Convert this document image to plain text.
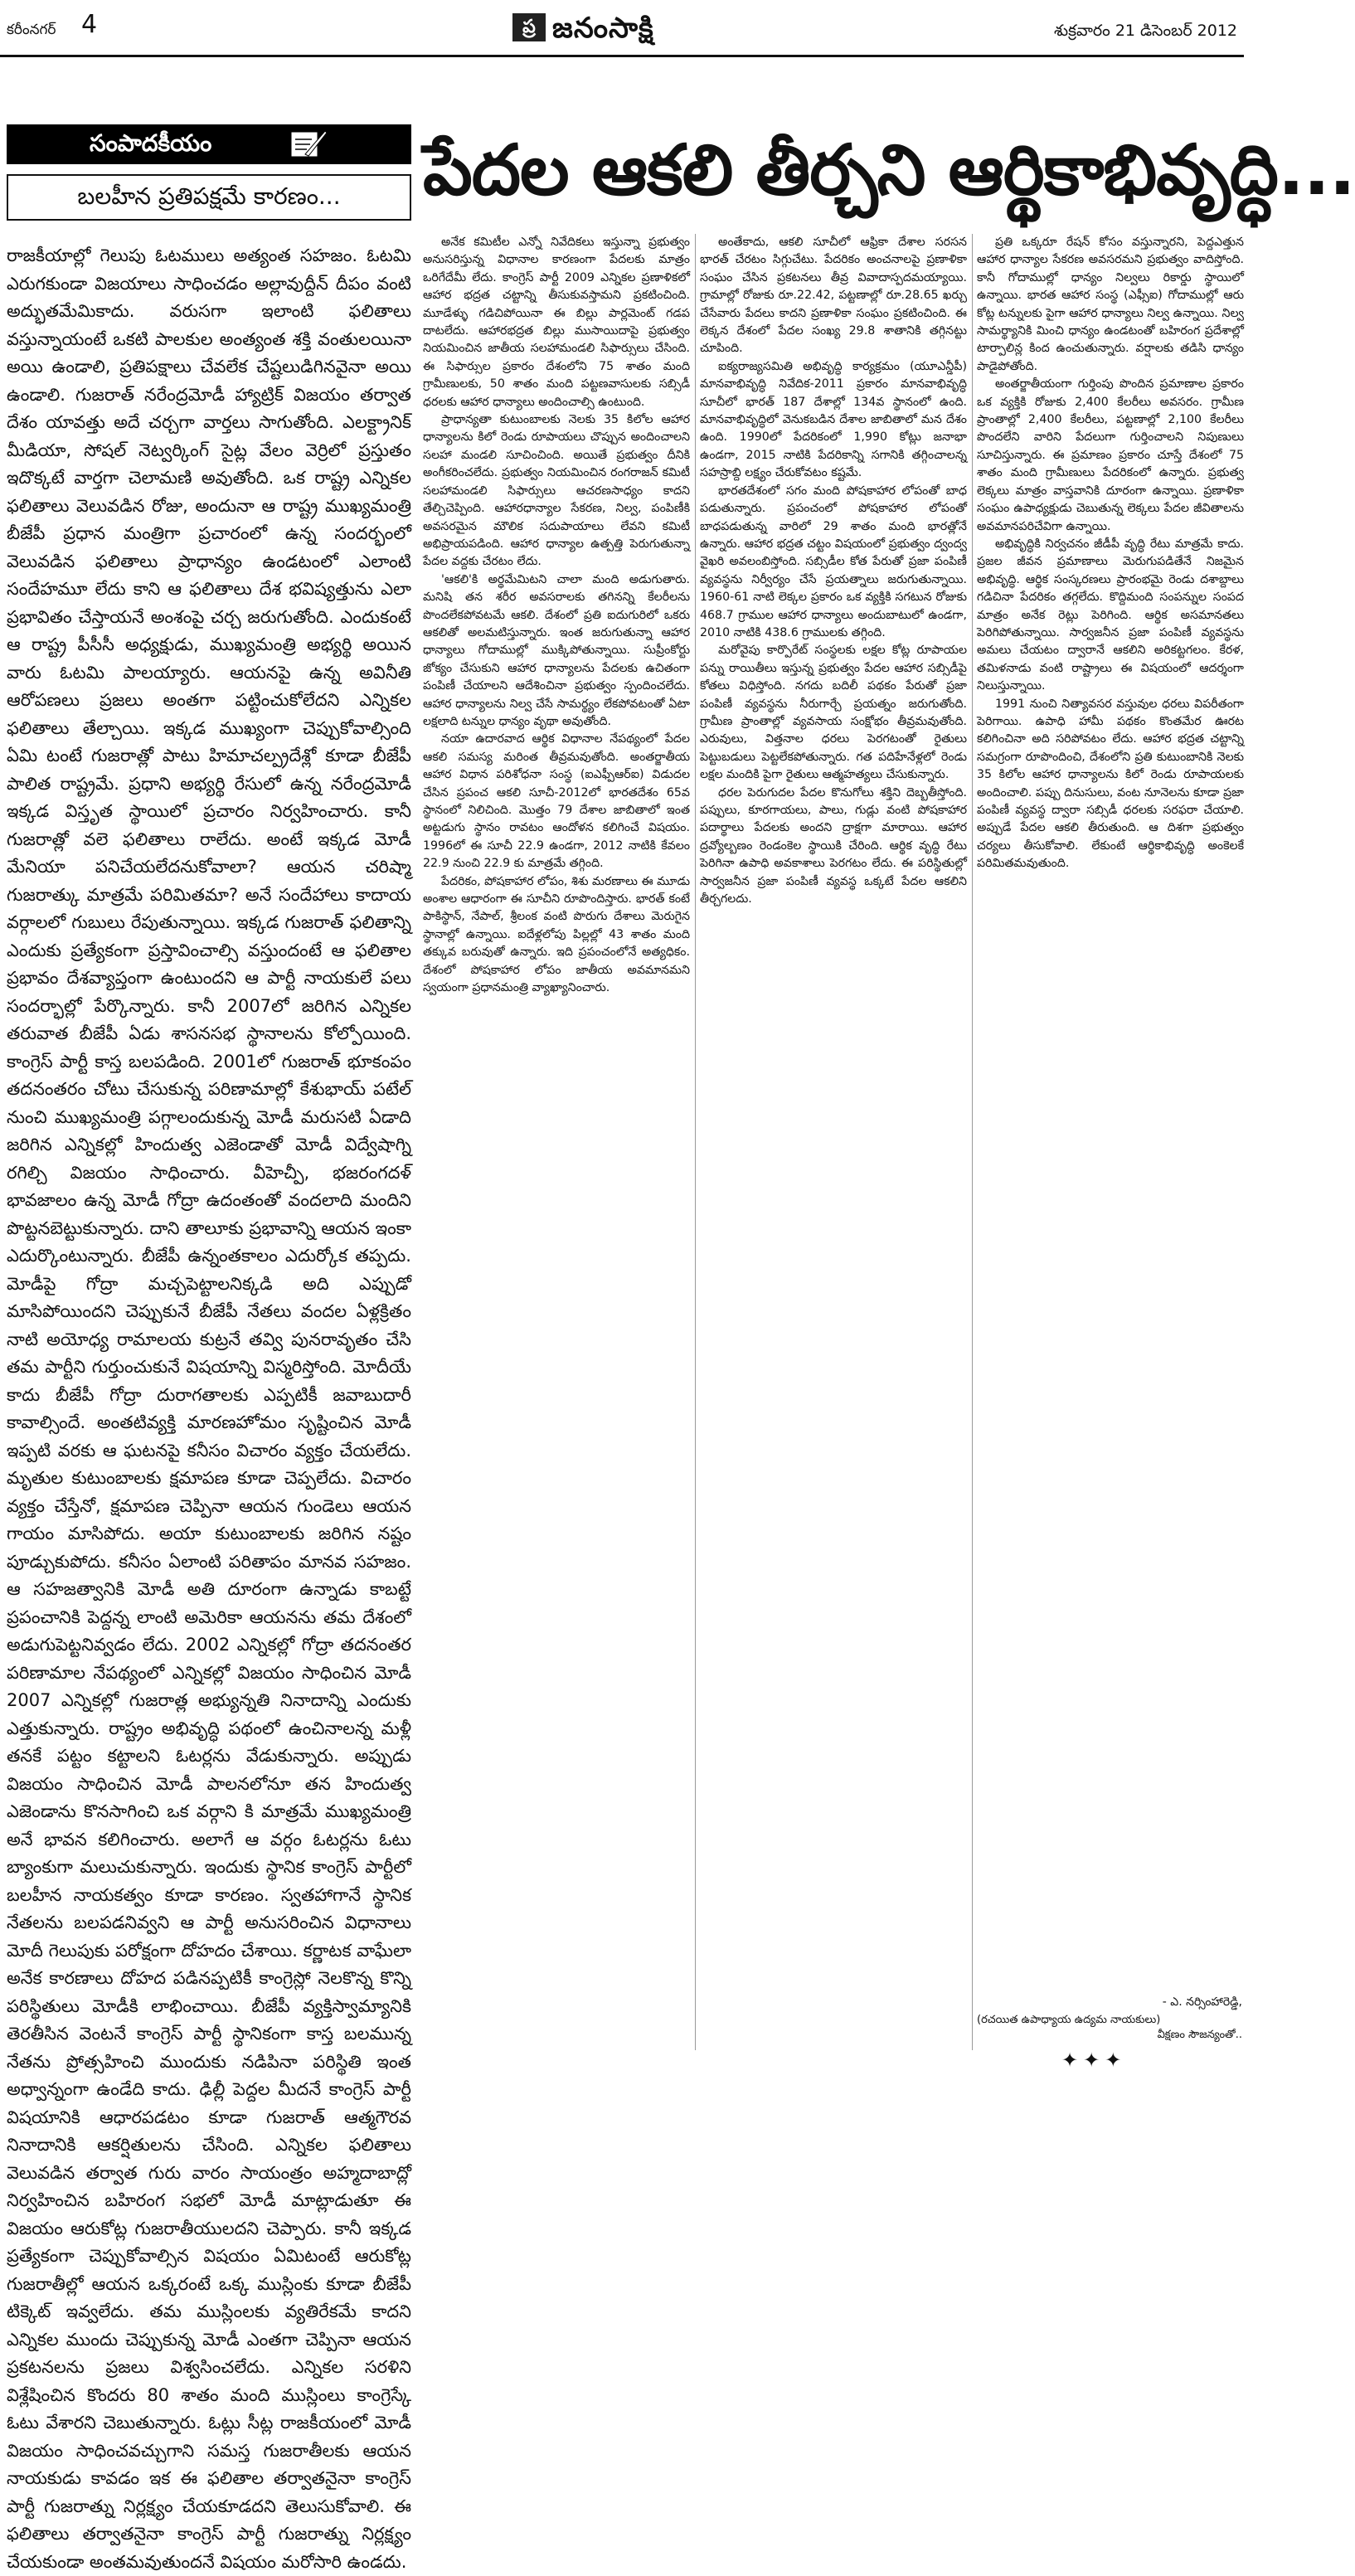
కరీంనగర్ 4	ప్ర జనంసాక్షి	శుక్రవారం 21 డిసెంబర్ 2012
సంపాదకీయం
బలహీన ప్రతిపక్షమే కారణం...
రాజకీయాల్లో గెలుపు ఓటములు అత్యంత సహజం. ఓటమి ఎరుగకుండా విజయాలు సాధించడం అల్లావుద్దీన్ దీపం వంటి అద్భుతమేమికాదు. వరుసగా ఇలాంటి ఫలితాలు వస్తున్నాయంటే ఒకటి పాలకుల అంత్యంత శక్తి వంతులయినా అయి ఉండాలి, ప్రతిపక్షాలు చేవలేక చేష్టలుడిగినవైనా అయి ఉండాలి. గుజరాత్ నరేంద్రమోడీ హ్యాట్రిక్ విజయం తర్వాత దేశం యావత్తు అదే చర్చగా వార్తలు సాగుతోంది. ఎలక్ట్రానిక్ మీడియా, సోషల్ నెట్వర్కింగ్ సైట్ల వేలం వెర్రిలో ప్రస్తుతం ఇదొక్కటే వార్తగా చెలామణి అవుతోంది. ఒక రాష్ట్ర ఎన్నికల ఫలితాలు వెలువడిన రోజు, అందునా ఆ రాష్ట్ర ముఖ్యమంత్రి బీజేపీ ప్రధాన మంత్రిగా ప్రచారంలో ఉన్న సందర్భంలో వెలువడిన ఫలితాలు ప్రాధాన్యం ఉండటంలో ఎలాంటి సందేహమూ లేదు కాని ఆ ఫలితాలు దేశ భవిష్యత్తును ఎలా ప్రభావితం చేస్తాయనే అంశంపై చర్చ జరుగుతోంది. ఎందుకంటే ఆ రాష్ట్ర పీసీసీ అధ్యక్షుడు, ముఖ్యమంత్రి అభ్యర్థి అయిన వారు ఓటమి పాలయ్యారు. ఆయనపై ఉన్న అవినీతి ఆరోపణలు ప్రజలు అంతగా పట్టించుకోలేదని ఎన్నికల ఫలితాలు తేల్చాయి. ఇక్కడ ముఖ్యంగా చెప్పుకోవాల్సింది ఏమి టంటే గుజరాత్లో పాటు హిమాచల్ప్రదేశ్లో కూడా బీజేపీ పాలిత రాష్ట్రమే. ప్రధాని అభ్యర్థి రేసులో ఉన్న నరేంద్రమోడీ ఇక్కడ విస్తృత స్థాయిలో ప్రచారం నిర్వహించారు. కానీ గుజరాత్లో వలె ఫలితాలు రాలేదు. అంటే ఇక్కడ మోడీ మేనియా పనిచేయలేదనుకోవాలా? ఆయన చరిష్మా గుజరాత్కు మాత్రమే పరిమితమా? అనే సందేహాలు కాదాయ వర్గాలలో గుబులు రేపుతున్నాయి. ఇక్కడ గుజరాత్ ఫలితాన్ని ఎందుకు ప్రత్యేకంగా ప్రస్తావించాల్సి వస్తుందంటే ఆ ఫలితాల ప్రభావం దేశవ్యాప్తంగా ఉంటుందని ఆ పార్టీ నాయకులే పలు సందర్భాల్లో పేర్కొన్నారు. కానీ 2007లో జరిగిన ఎన్నికల తరువాత బీజేపీ ఏడు శాసనసభ స్థానాలను కోల్పోయింది. కాంగ్రెస్ పార్టీ కాస్త బలపడింది. 2001లో గుజరాత్ భూకంపం తదనంతరం చోటు చేసుకున్న పరిణామాల్లో కేశుభాయ్ పటేల్ నుంచి ముఖ్యమంత్రి పగ్గాలందుకున్న మోడీ మరుసటి ఏడాది జరిగిన ఎన్నికల్లో హిందుత్వ ఎజెండాతో మోడీ విద్వేషాగ్ని రగిల్చి విజయం సాధించారు. వీహెచ్పీ, భజరంగదళ్ భావజాలం ఉన్న మోడీ గోద్రా ఉదంతంతో వందలాది మందిని పొట్టనబెట్టుకున్నారు. దాని తాలూకు ప్రభావాన్ని ఆయన ఇంకా ఎదుర్కొంటున్నారు. బీజేపీ ఉన్నంతకాలం ఎదుర్కోక తప్పదు. మోడీపై గోద్రా మచ్చపెట్టాలనిక్కడి అది ఎప్పుడో మాసిపోయిందని చెప్పుకునే బీజేపీ నేతలు వందల ఏళ్లక్రితం నాటి అయోధ్య రామాలయ కుట్రనే తవ్వి పునరావృతం చేసి తమ పార్టీని గుర్తుంచుకునే విషయాన్ని విస్మరిస్తోంది. మోదీయే కాదు బీజేపీ గోద్రా దురాగతాలకు ఎప్పటికీ జవాబుదారీ కావాల్సిందే. అంతటివ్యక్తి మారణహోమం సృష్టించిన మోడీ ఇప్పటి వరకు ఆ ఘటనపై కనీసం విచారం వ్యక్తం చేయలేదు. మృతుల కుటుంబాలకు క్షమాపణ కూడా చెప్పలేదు. విచారం వ్యక్తం చేస్తేనో, క్షమాపణ చెప్పినా ఆయన గుండెలు ఆయన గాయం మాసిపోదు. అయా కుటుంబాలకు జరిగిన నష్టం పూడ్చుకుపోదు. కనీసం ఏలాంటి పరితాపం మానవ సహజం. ఆ సహజత్వానికి మోడీ అతి దూరంగా ఉన్నాడు కాబట్టే ప్రపంచానికి పెద్దన్న లాంటి అమెరికా ఆయనను తమ దేశంలో అడుగుపెట్టనివ్వడం లేదు. 2002 ఎన్నికల్లో గోద్రా తదనంతర పరిణామాల నేపథ్యంలో ఎన్నికల్లో విజయం సాధించిన మోడీ 2007 ఎన్నికల్లో గుజరాత్ల అభ్యున్నతి నినాదాన్ని ఎందుకు ఎత్తుకున్నారు. రాష్ట్రం అభివృద్ధి పథంలో ఉంచినాలన్న మళ్లీ తనకే పట్టం కట్టాలని ఓటర్లను వేడుకున్నారు. అప్పుడు విజయం సాధించిన మోడీ పాలనలోనూ తన హిందుత్వ ఎజెండాను కొనసాగించి ఒక వర్గాని కి మాత్రమే ముఖ్యమంత్రి అనే భావన కలిగించారు. అలాగే ఆ వర్గం ఓటర్లను ఓటు బ్యాంకుగా మలుచుకున్నారు. ఇందుకు స్థానిక కాంగ్రెస్ పార్టీలో బలహీన నాయకత్వం కూడా కారణం. స్వతహాగానే స్థానిక నేతలను బలపడనివ్వని ఆ పార్టీ అనుసరించిన విధానాలు మోదీ గెలుపుకు పరోక్షంగా దోహదం చేశాయి. కర్ణాటక వాఘేలా అనేక కారణాలు దోహద పడినప్పటికీ కాంగ్రెస్లో నెలకొన్న కొన్ని పరిస్థితులు మోడీకి లాభించాయి. బీజేపీ వ్యక్తిస్వామ్యానికి తెరతీసిన వెంటనే కాంగ్రెస్ పార్టీ స్థానికంగా కాస్త బలమున్న నేతను ప్రోత్సహించి ముందుకు నడిపినా పరిస్థితి ఇంత అధ్వాన్నంగా ఉండేది కాదు. ఢిల్లీ పెద్దల మీదనే కాంగ్రెస్ పార్టీ విషయానికి ఆధారపడటం కూడా గుజరాత్ ఆత్మగౌరవ నినాదానికి ఆకర్షితులను చేసింది. ఎన్నికల ఫలితాలు వెలువడిన తర్వాత గురు వారం సాయంత్రం అహ్మదాబాద్లో నిర్వహించిన బహిరంగ సభలో మోడీ మాట్లాడుతూ ఈ విజయం ఆరుకోట్ల గుజరాతీయులదని చెప్పారు. కానీ ఇక్కడ ప్రత్యేకంగా చెప్పుకోవాల్సిన విషయం ఏమిటంటే ఆరుకోట్ల గుజరాతీల్లో ఆయన ఒక్కరంటే ఒక్క ముస్లింకు కూడా బీజేపీ టిక్కెట్ ఇవ్వలేదు. తమ ముస్లింలకు వ్యతిరేకమే కాదని ఎన్నికల ముందు చెప్పుకున్న మోడీ ఎంతగా చెప్పినా ఆయన ప్రకటనలను ప్రజలు విశ్వసించలేదు. ఎన్నికల సరళిని విశ్లేషించిన కొందరు 80 శాతం మంది ముస్లింలు కాంగ్రెస్కే ఓటు వేశారని చెబుతున్నారు. ఓట్లు సీట్ల రాజకీయంలో మోడీ విజయం సాధించవచ్చుగాని సమస్త గుజరాతీలకు ఆయన నాయకుడు కావడం ఇక ఈ ఫలితాల తర్వాతనైనా కాంగ్రెస్ పార్టీ గుజరాత్ను నిర్లక్ష్యం చేయకూడదని తెలుసుకోవాలి. ఈ ఫలితాలు తర్వాతనైనా కాంగ్రెస్ పార్టీ గుజరాత్ను నిర్లక్ష్యం చేయకుండా అంతమవుతుందనే విషయం మరోసారి ఉండదు.
పేదల ఆకలి తీర్చని ఆర్థికాభివృద్ధి...

అనేక కమిటీల ఎన్నో నివేదికలు ఇస్తున్నా ప్రభుత్వం అనుసరిస్తున్న విధానాల కారణంగా పేదలకు మాత్రం ఒరిగేదేమీ లేదు. కాంగ్రెస్ పార్టీ 2009 ఎన్నికల ప్రణాళికలో ఆహార భద్రత చట్టాన్ని తీసుకువస్తామని ప్రకటించింది. మూడేళ్ళు గడిచిపోయినా ఈ బిల్లు పార్లమెంట్ గడప దాటలేదు. ఆహారభద్రత బిల్లు ముసాయిదాపై ప్రభుత్వం నియమించిన జాతీయ సలహామండలి సిఫార్సులు చేసింది. ఈ సిఫార్సుల ప్రకారం దేశంలోని 75 శాతం మంది గ్రామీణులకు, 50 శాతం మంది పట్టణవాసులకు సబ్సిడీ ధరలకు ఆహార ధాన్యాలు అందించాల్సి ఉంటుంది.

ప్రాధాన్యతా కుటుంబాలకు నెలకు 35 కిలోల ఆహార ధాన్యాలను కిలో రెండు రూపాయలు చొప్పున అందించాలని సలహా మండలి సూచించింది. అయితే ప్రభుత్వం దీనికి అంగీకరించలేదు. ప్రభుత్వం నియమించిన రంగరాజన్ కమిటీ సలహామండలి సిఫార్సులు ఆచరణసాధ్యం కాదని తేల్చిచెప్పింది. ఆహారధాన్యాల సేకరణ, నిల్వ, పంపిణీకి అవసరమైన మౌలిక సదుపాయాలు లేవని కమిటీ అభిప్రాయపడింది. ఆహార ధాన్యాల ఉత్పత్తి పెరుగుతున్నా పేదల వద్దకు చేరటం లేదు.

'ఆకలి'కి అర్థమేమిటని చాలా మంది అడుగుతారు. మనిషి తన శరీర అవసరాలకు తగినన్ని కేలరీలను పొందలేకపోవటమే ఆకలి. దేశంలో ప్రతి ఐదుగురిలో ఒకరు ఆకలితో అలమటిస్తున్నారు. ఇంత జరుగుతున్నా ఆహార ధాన్యాలు గోదాముల్లో ముక్కిపోతున్నాయి. సుప్రీంకోర్టు జోక్యం చేసుకుని ఆహార ధాన్యాలను పేదలకు ఉచితంగా పంపిణీ చేయాలని ఆదేశించినా ప్రభుత్వం స్పందించలేదు. ఆహార ధాన్యాలను నిల్వ చేసే సామర్థ్యం లేకపోవటంతో ఏటా లక్షలాది టన్నుల ధాన్యం వృథా అవుతోంది.

నయా ఉదారవాద ఆర్థిక విధానాల నేపథ్యంలో పేదల ఆకలి సమస్య మరింత తీవ్రమవుతోంది. అంతర్జాతీయ ఆహార విధాన పరిశోధనా సంస్థ (ఐఎఫ్పీఆర్ఐ) విడుదల చేసిన ప్రపంచ ఆకలి సూచీ-2012లో భారతదేశం 65వ స్థానంలో నిలిచింది. మొత్తం 79 దేశాల జాబితాలో ఇంత అట్టడుగు స్థానం రావటం ఆందోళన కలిగించే విషయం. 1996లో ఈ సూచీ 22.9 ఉండగా, 2012 నాటికి కేవలం 22.9 నుంచి 22.9 కు మాత్రమే తగ్గింది.

పేదరికం, పోషకాహార లోపం, శిశు మరణాలు ఈ మూడు అంశాల ఆధారంగా ఈ సూచీని రూపొందిస్తారు. భారత్ కంటే పాకిస్థాన్, నేపాల్, శ్రీలంక వంటి పొరుగు దేశాలు మెరుగైన స్థానాల్లో ఉన్నాయి. ఐదేళ్లలోపు పిల్లల్లో 43 శాతం మంది తక్కువ బరువుతో ఉన్నారు. ఇది ప్రపంచంలోనే అత్యధికం. దేశంలో పోషకాహార లోపం జాతీయ అవమానమని స్వయంగా ప్రధానమంత్రి వ్యాఖ్యానించారు.

అంతేకాదు, ఆకలి సూచీలో ఆఫ్రికా దేశాల సరసన భారత్ చేరటం సిగ్గుచేటు. పేదరికం అంచనాలపై ప్రణాళికా సంఘం చేసిన ప్రకటనలు తీవ్ర వివాదాస్పదమయ్యాయి. గ్రామాల్లో రోజుకు రూ.22.42, పట్టణాల్లో రూ.28.65 ఖర్చు చేసేవారు పేదలు కాదని ప్రణాళికా సంఘం ప్రకటించింది. ఈ లెక్కన దేశంలో పేదల సంఖ్య 29.8 శాతానికి తగ్గినట్టు చూపింది.

ఐక్యరాజ్యసమితి అభివృద్ధి కార్యక్రమం (యూఎన్డీపీ) మానవాభివృద్ధి నివేదిక-2011 ప్రకారం మానవాభివృద్ధి సూచీలో భారత్ 187 దేశాల్లో 134వ స్థానంలో ఉంది. మానవాభివృద్ధిలో వెనుకబడిన దేశాల జాబితాలో మన దేశం ఉంది. 1990లో పేదరికంలో 1,990 కోట్లు జనాభా ఉండగా, 2015 నాటికి పేదరికాన్ని సగానికి తగ్గించాలన్న సహస్రాబ్ది లక్ష్యం చేరుకోవటం కష్టమే.

భారతదేశంలో సగం మంది పోషకాహార లోపంతో బాధ పడుతున్నారు. ప్రపంచంలో పోషకాహార లోపంతో బాధపడుతున్న వారిలో 29 శాతం మంది భారత్లోనే ఉన్నారు. ఆహార భద్రత చట్టం విషయంలో ప్రభుత్వం ద్వంద్వ వైఖరి అవలంబిస్తోంది. సబ్సిడీల కోత పేరుతో ప్రజా పంపిణీ వ్యవస్థను నిర్వీర్యం చేసే ప్రయత్నాలు జరుగుతున్నాయి. 1960-61 నాటి లెక్కల ప్రకారం ఒక వ్యక్తికి సగటున రోజుకు 468.7 గ్రాముల ఆహార ధాన్యాలు అందుబాటులో ఉండగా, 2010 నాటికి 438.6 గ్రాములకు తగ్గింది.

మరోవైపు కార్పొరేట్ సంస్థలకు లక్షల కోట్ల రూపాయల పన్ను రాయితీలు ఇస్తున్న ప్రభుత్వం పేదల ఆహార సబ్సిడీపై కోతలు విధిస్తోంది. నగదు బదిలీ పథకం పేరుతో ప్రజా పంపిణీ వ్యవస్థను నీరుగార్చే ప్రయత్నం జరుగుతోంది. గ్రామీణ ప్రాంతాల్లో వ్యవసాయ సంక్షోభం తీవ్రమవుతోంది. ఎరువులు, విత్తనాల ధరలు పెరగటంతో రైతులు పెట్టుబడులు పెట్టలేకపోతున్నారు. గత పదిహేనేళ్లలో రెండు లక్షల మందికి పైగా రైతులు ఆత్మహత్యలు చేసుకున్నారు.

ధరల పెరుగుదల పేదల కొనుగోలు శక్తిని దెబ్బతీస్తోంది. పప్పులు, కూరగాయలు, పాలు, గుడ్లు వంటి పోషకాహార పదార్థాలు పేదలకు అందని ద్రాక్షగా మారాయి. ఆహార ద్రవ్యోల్బణం రెండంకెల స్థాయికి చేరింది. ఆర్థిక వృద్ధి రేటు పెరిగినా ఉపాధి అవకాశాలు పెరగటం లేదు. ఈ పరిస్థితుల్లో సార్వజనీన ప్రజా పంపిణీ వ్యవస్థ ఒక్కటే పేదల ఆకలిని తీర్చగలదు.

ప్రతి ఒక్కరూ రేషన్ కోసం వస్తున్నారని, పెద్దఎత్తున ఆహార ధాన్యాల సేకరణ అవసరమని ప్రభుత్వం వాదిస్తోంది. కానీ గోదాముల్లో ధాన్యం నిల్వలు రికార్డు స్థాయిలో ఉన్నాయి. భారత ఆహార సంస్థ (ఎఫ్సీఐ) గోదాముల్లో ఆరు కోట్ల టన్నులకు పైగా ఆహార ధాన్యాలు నిల్వ ఉన్నాయి. నిల్వ సామర్థ్యానికి మించి ధాన్యం ఉండటంతో బహిరంగ ప్రదేశాల్లో టార్పాలిన్ల కింద ఉంచుతున్నారు. వర్షాలకు తడిసి ధాన్యం పాడైపోతోంది.

అంతర్జాతీయంగా గుర్తింపు పొందిన ప్రమాణాల ప్రకారం ఒక వ్యక్తికి రోజుకు 2,400 కేలరీలు అవసరం. గ్రామీణ ప్రాంతాల్లో 2,400 కేలరీలు, పట్టణాల్లో 2,100 కేలరీలు పొందలేని వారిని పేదలుగా గుర్తించాలని నిపుణులు సూచిస్తున్నారు. ఈ ప్రమాణం ప్రకారం చూస్తే దేశంలో 75 శాతం మంది గ్రామీణులు పేదరికంలో ఉన్నారు. ప్రభుత్వ లెక్కలు మాత్రం వాస్తవానికి దూరంగా ఉన్నాయి. ప్రణాళికా సంఘం ఉపాధ్యక్షుడు చెబుతున్న లెక్కలు పేదల జీవితాలను అవమానపరిచేవిగా ఉన్నాయి.

అభివృద్ధికి నిర్వచనం జీడీపీ వృద్ధి రేటు మాత్రమే కాదు. ప్రజల జీవన ప్రమాణాలు మెరుగుపడితేనే నిజమైన అభివృద్ధి. ఆర్థిక సంస్కరణలు ప్రారంభమై రెండు దశాబ్దాలు గడిచినా పేదరికం తగ్గలేదు. కొద్దిమంది సంపన్నుల సంపద మాత్రం అనేక రెట్లు పెరిగింది. ఆర్థిక అసమానతలు పెరిగిపోతున్నాయి. సార్వజనీన ప్రజా పంపిణీ వ్యవస్థను అమలు చేయటం ద్వారానే ఆకలిని అరికట్టగలం. కేరళ, తమిళనాడు వంటి రాష్ట్రాలు ఈ విషయంలో ఆదర్శంగా నిలుస్తున్నాయి.

1991 నుంచి నిత్యావసర వస్తువుల ధరలు విపరీతంగా పెరిగాయి. ఉపాధి హామీ పథకం కొంతమేర ఊరట కలిగించినా అది సరిపోవటం లేదు. ఆహార భద్రత చట్టాన్ని సమగ్రంగా రూపొందించి, దేశంలోని ప్రతి కుటుంబానికి నెలకు 35 కిలోల ఆహార ధాన్యాలను కిలో రెండు రూపాయలకు అందించాలి. పప్పు దినుసులు, వంట నూనెలను కూడా ప్రజా పంపిణీ వ్యవస్థ ద్వారా సబ్సిడీ ధరలకు సరఫరా చేయాలి. అప్పుడే పేదల ఆకలి తీరుతుంది. ఆ దిశగా ప్రభుత్వం చర్యలు తీసుకోవాలి. లేకుంటే ఆర్థికాభివృద్ధి అంకెలకే పరిమితమవుతుంది.

- ఎ. నర్సింహారెడ్డి,
(రచయిత ఉపాధ్యాయ ఉద్యమ నాయకులు)
వీక్షణం సౌజన్యంతో..
✦✦✦
